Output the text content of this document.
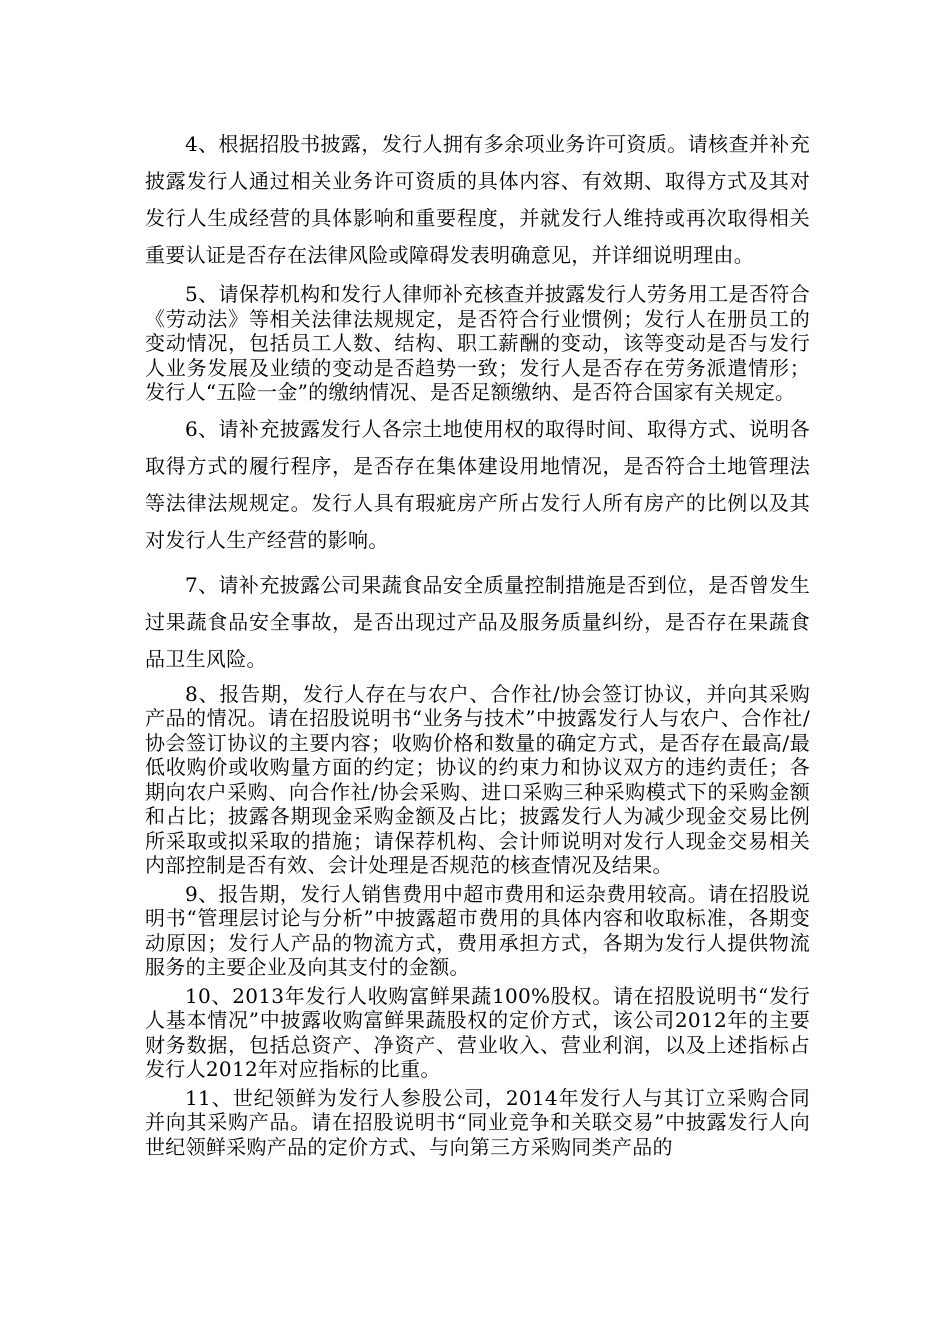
4、根据招股书披露，发行人拥有多余项业务许可资质。请核查并补充披露发行人通过相关业务许可资质的具体内容、有效期、取得方式及其对发行人生成经营的具体影响和重要程度，并就发行人维持或再次取得相关重要认证是否存在法律风险或障碍发表明确意见，并详细说明理由。

5、请保荐机构和发行人律师补充核查并披露发行人劳务用工是否符合《劳动法》等相关法律法规规定，是否符合行业惯例；发行人在册员工的变动情况，包括员工人数、结构、职工薪酬的变动，该等变动是否与发行人业务发展及业绩的变动是否趋势一致；发行人是否存在劳务派遣情形；发行人“五险一金”的缴纳情况、是否足额缴纳、是否符合国家有关规定。

6、请补充披露发行人各宗土地使用权的取得时间、取得方式、说明各取得方式的履行程序，是否存在集体建设用地情况，是否符合土地管理法等法律法规规定。发行人具有瑕疵房产所占发行人所有房产的比例以及其对发行人生产经营的影响。

7、请补充披露公司果蔬食品安全质量控制措施是否到位，是否曾发生过果蔬食品安全事故，是否出现过产品及服务质量纠纷，是否存在果蔬食品卫生风险。

8、报告期，发行人存在与农户、合作社/协会签订协议，并向其采购产品的情况。请在招股说明书“业务与技术”中披露发行人与农户、合作社/协会签订协议的主要内容；收购价格和数量的确定方式，是否存在最高/最低收购价或收购量方面的约定；协议的约束力和协议双方的违约责任；各期向农户采购、向合作社/协会采购、进口采购三种采购模式下的采购金额和占比；披露各期现金采购金额及占比；披露发行人为减少现金交易比例所采取或拟采取的措施；请保荐机构、会计师说明对发行人现金交易相关内部控制是否有效、会计处理是否规范的核查情况及结果。

9、报告期，发行人销售费用中超市费用和运杂费用较高。请在招股说明书“管理层讨论与分析”中披露超市费用的具体内容和收取标准，各期变动原因；发行人产品的物流方式，费用承担方式，各期为发行人提供物流服务的主要企业及向其支付的金额。

10、2013年发行人收购富鲜果蔬100%股权。请在招股说明书“发行人基本情况”中披露收购富鲜果蔬股权的定价方式，该公司2012年的主要财务数据，包括总资产、净资产、营业收入、营业利润，以及上述指标占发行人2012年对应指标的比重。

11、世纪领鲜为发行人参股公司，2014年发行人与其订立采购合同并向其采购产品。请在招股说明书“同业竞争和关联交易”中披露发行人向世纪领鲜采购产品的定价方式、与向第三方采购同类产品的
